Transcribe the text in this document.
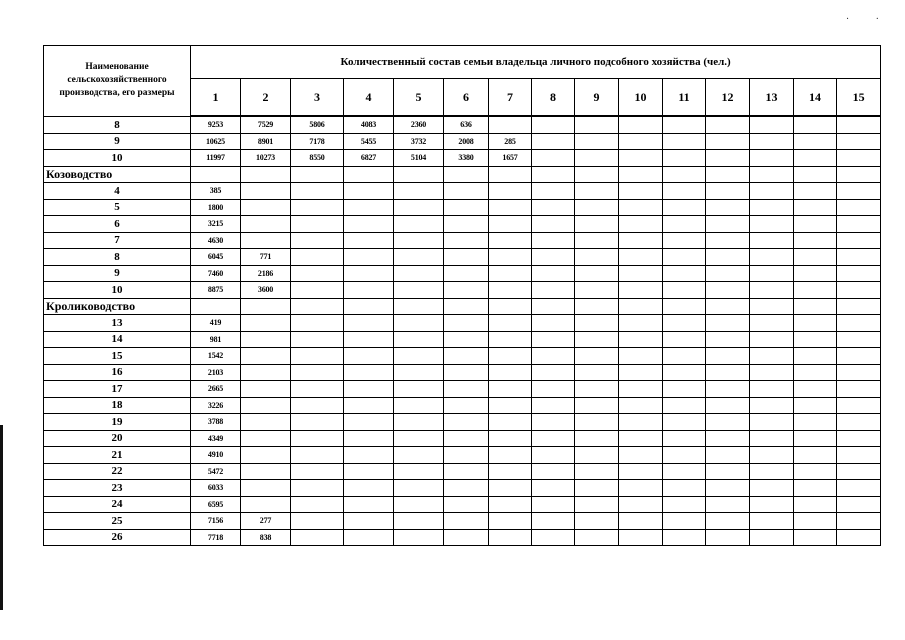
· ·
Наименование сельскохозяйственного производства, его размеры	Количественный состав семьи владельца личного подсобного хозяйства (чел.)														
	1	2	3	4	5	6	7	8	9	10	11	12	13	14	15
8	9253	7529	5806	4083	2360	636									
9	10625	8901	7178	5455	3732	2008	285								
10	11997	10273	8550	6827	5104	3380	1657								
Козоводство															
4	385														
5	1800														
6	3215														
7	4630														
8	6045	771													
9	7460	2186													
10	8875	3600													
Кролиководство															
13	419														
14	981														
15	1542														
16	2103														
17	2665														
18	3226														
19	3788														
20	4349														
21	4910														
22	5472														
23	6033														
24	6595														
25	7156	277													
26	7718	838													
